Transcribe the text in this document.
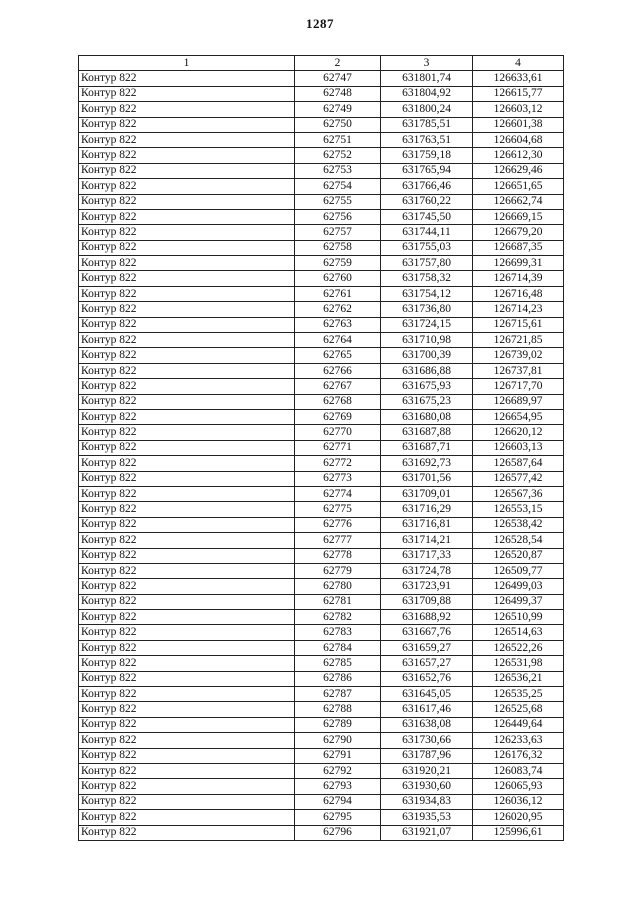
1287
1	2	3	4
Контур 822	62747	631801,74	126633,61
Контур 822	62748	631804,92	126615,77
Контур 822	62749	631800,24	126603,12
Контур 822	62750	631785,51	126601,38
Контур 822	62751	631763,51	126604,68
Контур 822	62752	631759,18	126612,30
Контур 822	62753	631765,94	126629,46
Контур 822	62754	631766,46	126651,65
Контур 822	62755	631760,22	126662,74
Контур 822	62756	631745,50	126669,15
Контур 822	62757	631744,11	126679,20
Контур 822	62758	631755,03	126687,35
Контур 822	62759	631757,80	126699,31
Контур 822	62760	631758,32	126714,39
Контур 822	62761	631754,12	126716,48
Контур 822	62762	631736,80	126714,23
Контур 822	62763	631724,15	126715,61
Контур 822	62764	631710,98	126721,85
Контур 822	62765	631700,39	126739,02
Контур 822	62766	631686,88	126737,81
Контур 822	62767	631675,93	126717,70
Контур 822	62768	631675,23	126689,97
Контур 822	62769	631680,08	126654,95
Контур 822	62770	631687,88	126620,12
Контур 822	62771	631687,71	126603,13
Контур 822	62772	631692,73	126587,64
Контур 822	62773	631701,56	126577,42
Контур 822	62774	631709,01	126567,36
Контур 822	62775	631716,29	126553,15
Контур 822	62776	631716,81	126538,42
Контур 822	62777	631714,21	126528,54
Контур 822	62778	631717,33	126520,87
Контур 822	62779	631724,78	126509,77
Контур 822	62780	631723,91	126499,03
Контур 822	62781	631709,88	126499,37
Контур 822	62782	631688,92	126510,99
Контур 822	62783	631667,76	126514,63
Контур 822	62784	631659,27	126522,26
Контур 822	62785	631657,27	126531,98
Контур 822	62786	631652,76	126536,21
Контур 822	62787	631645,05	126535,25
Контур 822	62788	631617,46	126525,68
Контур 822	62789	631638,08	126449,64
Контур 822	62790	631730,66	126233,63
Контур 822	62791	631787,96	126176,32
Контур 822	62792	631920,21	126083,74
Контур 822	62793	631930,60	126065,93
Контур 822	62794	631934,83	126036,12
Контур 822	62795	631935,53	126020,95
Контур 822	62796	631921,07	125996,61
